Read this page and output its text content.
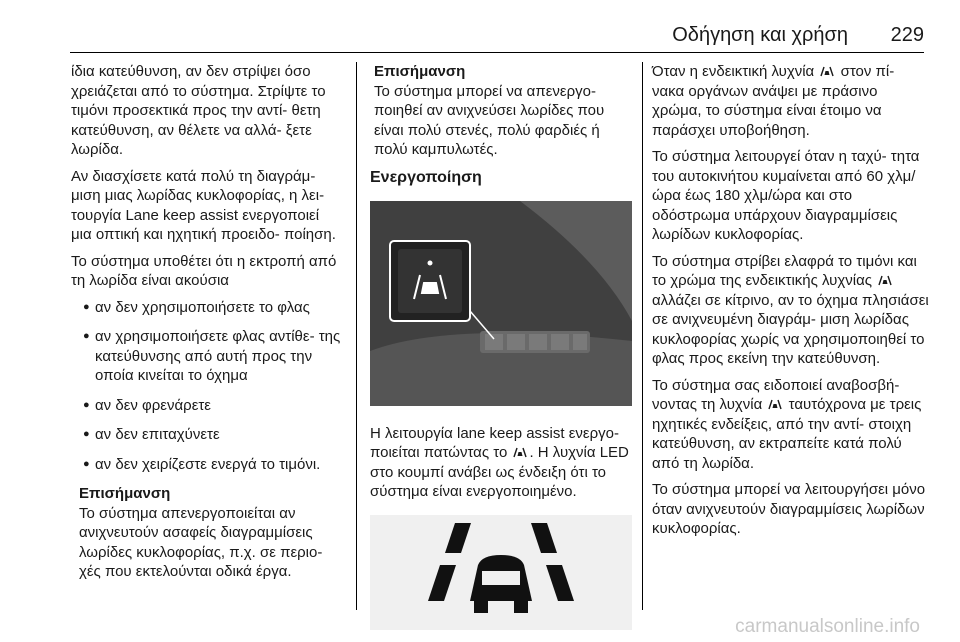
Οδήγηση και χρήση 229

ίδια κατεύθυνση, αν δεν στρίψει όσο χρειάζεται από το σύστημα. Στρίψτε το τιμόνι προσεκτικά προς την αντί- θετη κατεύθυνση, αν θέλετε να αλλά- ξετε λωρίδα.

Αν διασχίσετε κατά πολύ τη διαγράμ- μιση μιας λωρίδας κυκλοφορίας, η λει- τουργία Lane keep assist ενεργοποιεί μια οπτική και ηχητική προειδο- ποίηση.

Το σύστημα υποθέτει ότι η εκτροπή από τη λωρίδα είναι ακούσια

● αν δεν χρησιμοποιήσετε το φλας
● αν χρησιμοποιήσετε φλας αντίθε- της κατεύθυνσης από αυτή προς την οποία κινείται το όχημα
● αν δεν φρενάρετε
● αν δεν επιταχύνετε
● αν δεν χειρίζεστε ενεργά το τιμόνι.
Επισήμανση
Το σύστημα απενεργοποιείται αν ανιχνευτούν ασαφείς διαγραμμίσεις λωρίδες κυκλοφορίας, π.χ. σε περιο- χές που εκτελούνται οδικά έργα.
Επισήμανση
Το σύστημα μπορεί να απενεργο- ποιηθεί αν ανιχνεύσει λωρίδες που είναι πολύ στενές, πολύ φαρδιές ή πολύ καμπυλωτές.
Ενεργοποίηση

Η λειτουργία lane keep assist ενεργο- ποιείται πατώντας το . Η λυχνία LED στο κουμπί ανάβει ως ένδειξη ότι το σύστημα είναι ενεργοποιημένο.

Όταν η ενδεικτική λυχνία στον πί- νακα οργάνων ανάψει με πράσινο χρώμα, το σύστημα είναι έτοιμο να παράσχει υποβοήθηση.

Το σύστημα λειτουργεί όταν η ταχύ- τητα του αυτοκινήτου κυμαίνεται από 60 χλμ/ώρα έως 180 χλμ/ώρα και στο οδόστρωμα υπάρχουν διαγραμμίσεις λωρίδων κυκλοφορίας.

Το σύστημα στρίβει ελαφρά το τιμόνι και το χρώμα της ενδεικτικής λυχνίας  αλλάζει σε κίτρινο, αν το όχημα πλησιάσει σε ανιχνευμένη διαγράμ- μιση λωρίδας κυκλοφορίας χωρίς να χρησιμοποιηθεί το φλας προς εκείνη την κατεύθυνση.

Το σύστημα σας ειδοποιεί αναβοσβή- νοντας τη λυχνία ταυτόχρονα με τρεις ηχητικές ενδείξεις, από την αντί- στοιχη κατεύθυνση, αν εκτραπείτε κατά πολύ από τη λωρίδα.

Το σύστημα μπορεί να λειτουργήσει μόνο όταν ανιχνευτούν διαγραμμίσεις λωρίδων κυκλοφορίας.

carmanualsonline.info
